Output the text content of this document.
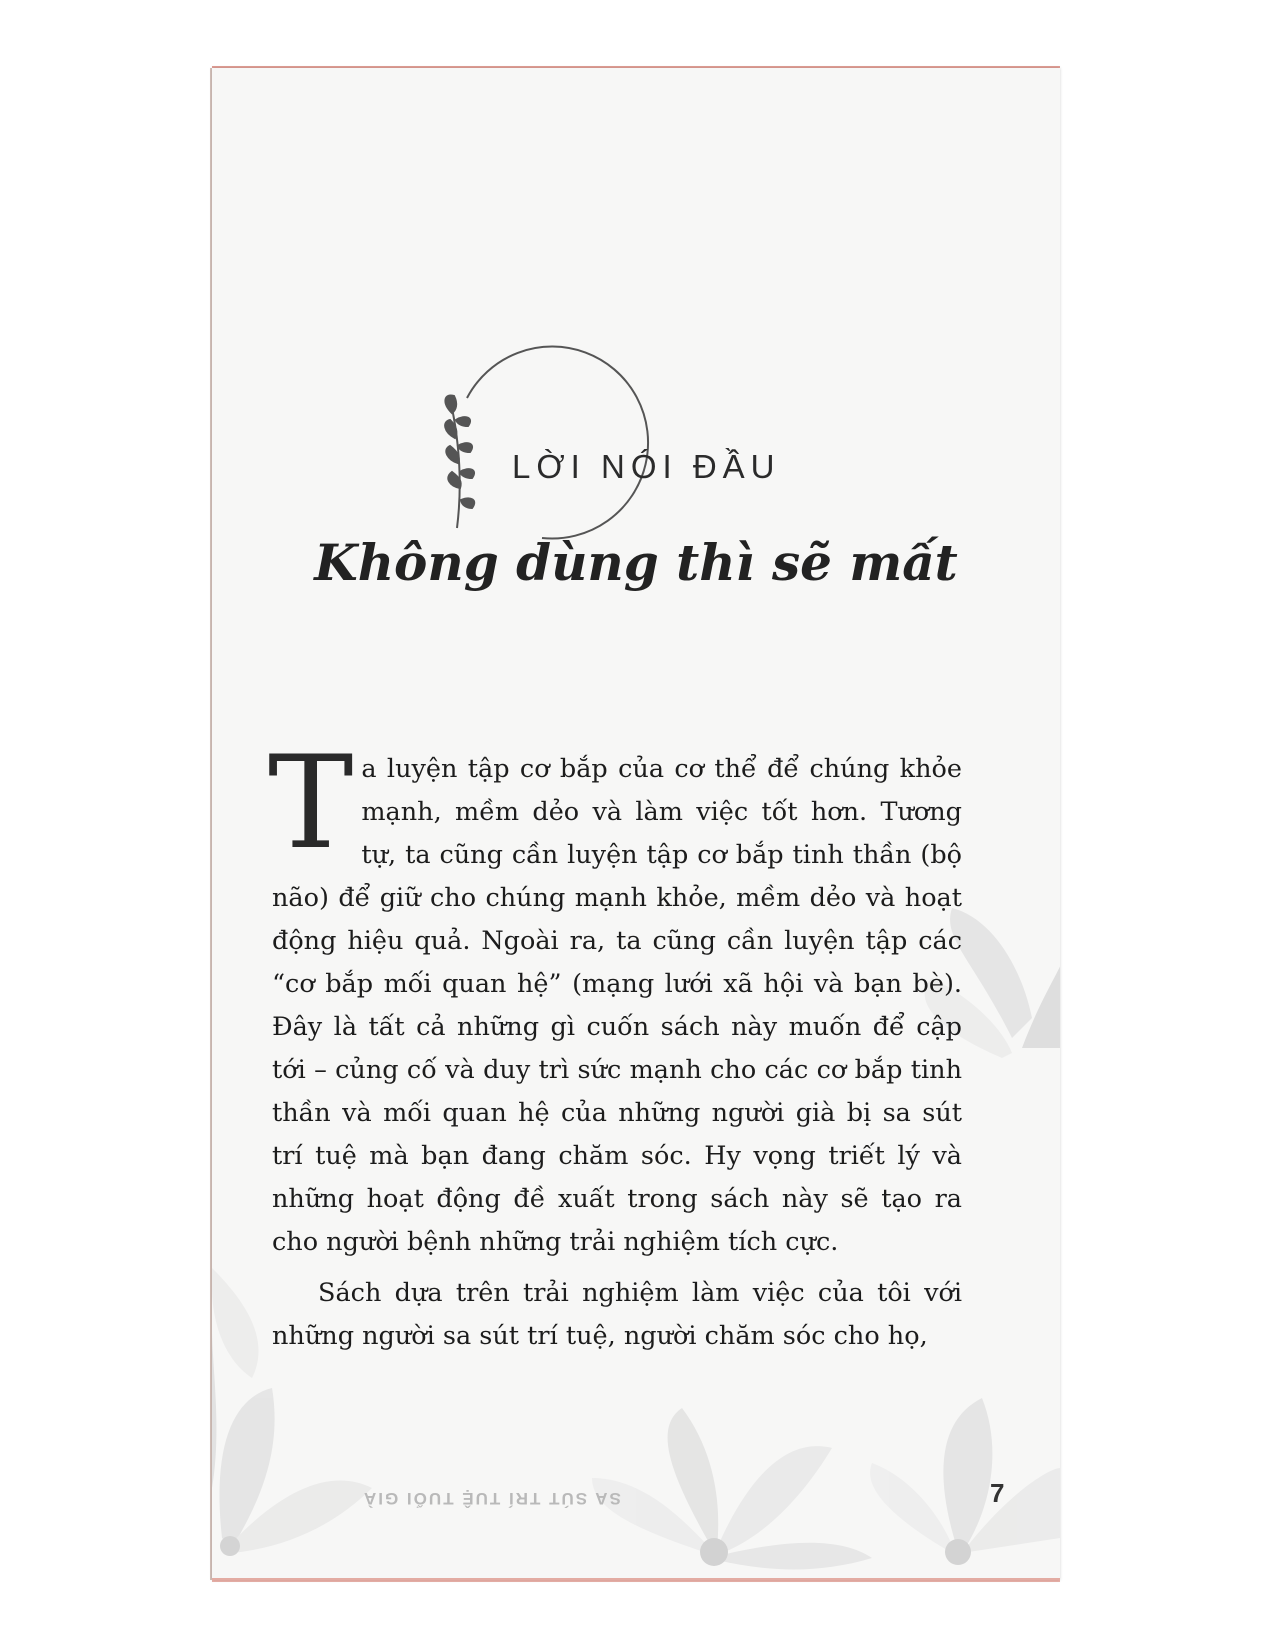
LỜI NÓI ĐẦU
Không dùng thì sẽ mất

T a luyện tập cơ bắp của cơ thể để chúng khỏe mạnh, mềm dẻo và làm việc tốt hơn. Tương tự, ta cũng cần luyện tập cơ bắp tinh thần (bộ não) để giữ cho chúng mạnh khỏe, mềm dẻo và hoạt động hiệu quả. Ngoài ra, ta cũng cần luyện tập các “cơ bắp mối quan hệ” (mạng lưới xã hội và bạn bè). Đây là tất cả những gì cuốn sách này muốn để cập tới – củng cố và duy trì sức mạnh cho các cơ bắp tinh thần và mối quan hệ của những người già bị sa sút trí tuệ mà bạn đang chăm sóc. Hy vọng triết lý và những hoạt động đề xuất trong sách này sẽ tạo ra cho người bệnh những trải nghiệm tích cực.

Sách dựa trên trải nghiệm làm việc của tôi với những người sa sút trí tuệ, người chăm sóc cho họ,

SA SÚT TRÍ TUỆ TUỔI GIÀ	7
